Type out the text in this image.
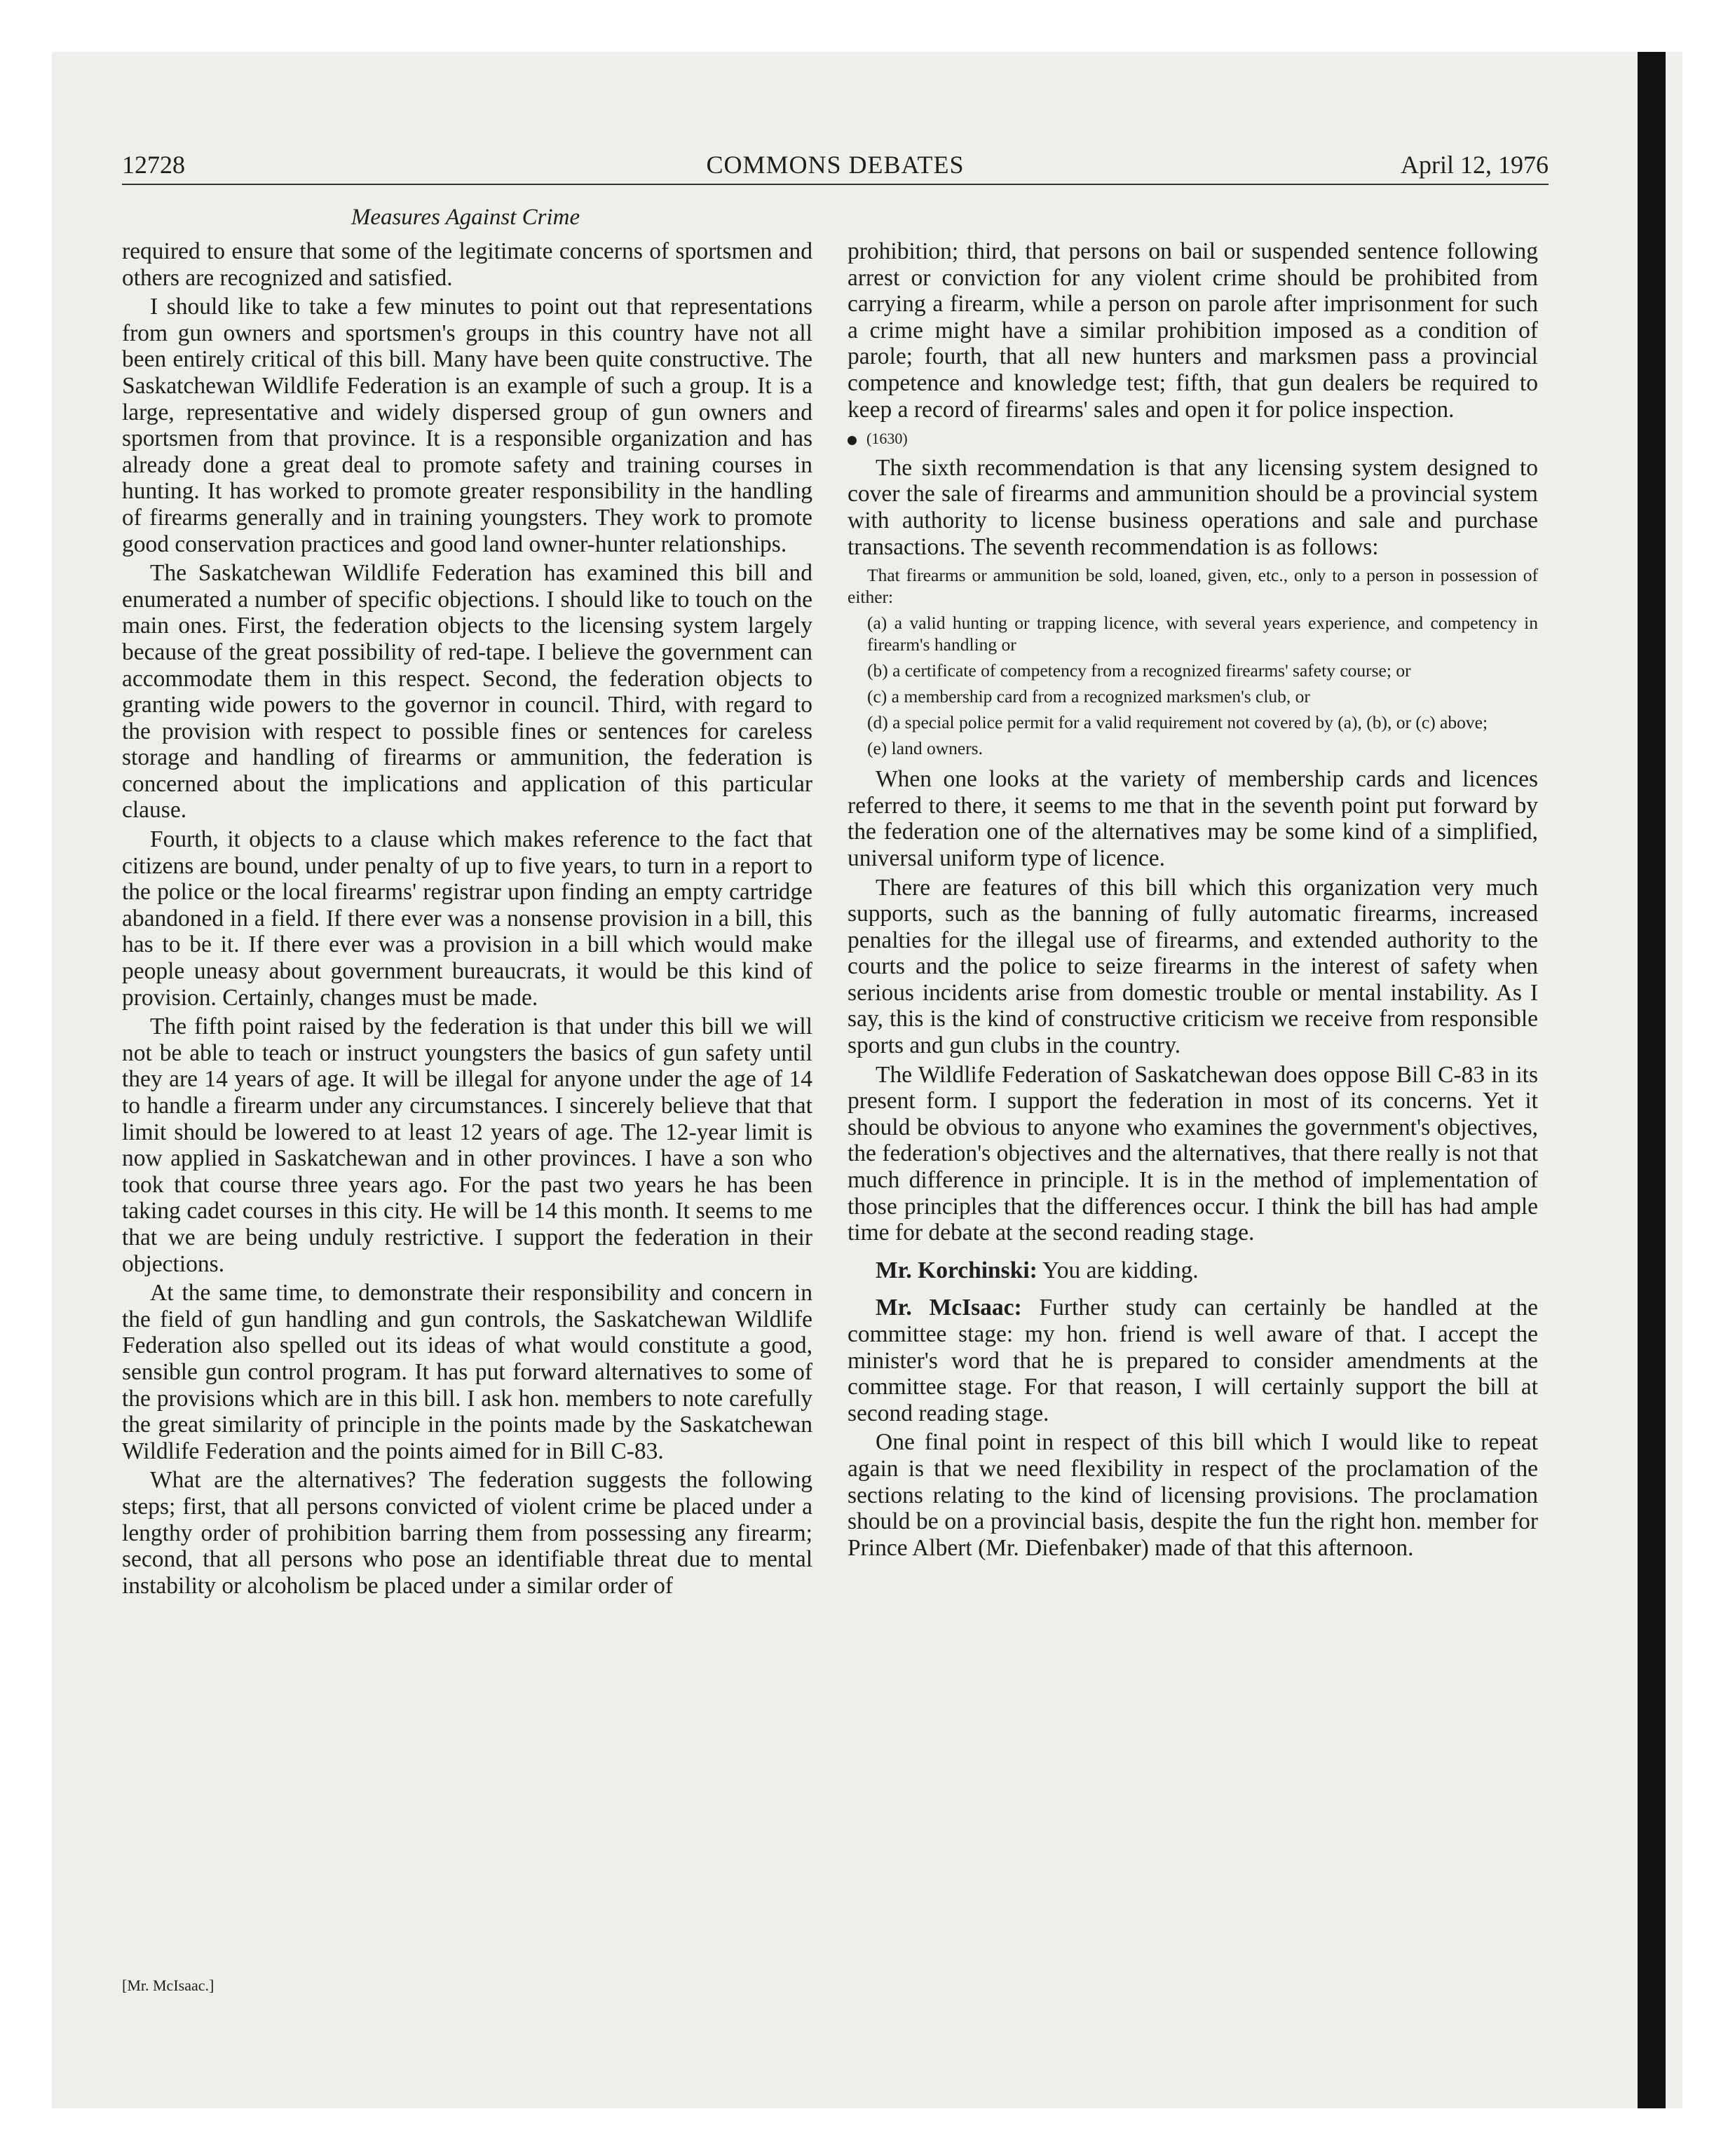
12728	COMMONS DEBATES	April 12, 1976
Measures Against Crime

required to ensure that some of the legitimate concerns of sportsmen and others are recognized and satisfied.

I should like to take a few minutes to point out that representations from gun owners and sportsmen's groups in this country have not all been entirely critical of this bill. Many have been quite constructive. The Saskatchewan Wildlife Federation is an example of such a group. It is a large, representative and widely dispersed group of gun owners and sportsmen from that province. It is a responsible organization and has already done a great deal to promote safety and training courses in hunting. It has worked to promote greater responsibility in the handling of firearms generally and in training youngsters. They work to promote good conservation practices and good land owner-hunter relationships.

The Saskatchewan Wildlife Federation has examined this bill and enumerated a number of specific objections. I should like to touch on the main ones. First, the federation objects to the licensing system largely because of the great possibility of red-tape. I believe the government can accommodate them in this respect. Second, the federation objects to granting wide powers to the governor in council. Third, with regard to the provision with respect to possible fines or sentences for careless storage and handling of firearms or ammunition, the federation is concerned about the implications and application of this particular clause.

Fourth, it objects to a clause which makes reference to the fact that citizens are bound, under penalty of up to five years, to turn in a report to the police or the local firearms' registrar upon finding an empty cartridge abandoned in a field. If there ever was a nonsense provision in a bill, this has to be it. If there ever was a provision in a bill which would make people uneasy about government bureaucrats, it would be this kind of provision. Certainly, changes must be made.

The fifth point raised by the federation is that under this bill we will not be able to teach or instruct youngsters the basics of gun safety until they are 14 years of age. It will be illegal for anyone under the age of 14 to handle a firearm under any circumstances. I sincerely believe that that limit should be lowered to at least 12 years of age. The 12-year limit is now applied in Saskatchewan and in other provinces. I have a son who took that course three years ago. For the past two years he has been taking cadet courses in this city. He will be 14 this month. It seems to me that we are being unduly restrictive. I support the federation in their objections.

At the same time, to demonstrate their responsibility and concern in the field of gun handling and gun controls, the Saskatchewan Wildlife Federation also spelled out its ideas of what would constitute a good, sensible gun control program. It has put forward alternatives to some of the provisions which are in this bill. I ask hon. members to note carefully the great similarity of principle in the points made by the Saskatchewan Wildlife Federation and the points aimed for in Bill C-83.

What are the alternatives? The federation suggests the following steps; first, that all persons convicted of violent crime be placed under a lengthy order of prohibition barring them from possessing any firearm; second, that all persons who pose an identifiable threat due to mental instability or alcoholism be placed under a similar order of

[Mr. McIsaac.]

prohibition; third, that persons on bail or suspended sentence following arrest or conviction for any violent crime should be prohibited from carrying a firearm, while a person on parole after imprisonment for such a crime might have a similar prohibition imposed as a condition of parole; fourth, that all new hunters and marksmen pass a provincial competence and knowledge test; fifth, that gun dealers be required to keep a record of firearms' sales and open it for police inspection.

(1630)

The sixth recommendation is that any licensing system designed to cover the sale of firearms and ammunition should be a provincial system with authority to license business operations and sale and purchase transactions. The seventh recommendation is as follows:

That firearms or ammunition be sold, loaned, given, etc., only to a person in possession of either:

(a) a valid hunting or trapping licence, with several years experience, and competency in firearm's handling or

(b) a certificate of competency from a recognized firearms' safety course; or

(c) a membership card from a recognized marksmen's club, or

(d) a special police permit for a valid requirement not covered by (a), (b), or (c) above;

(e) land owners.

When one looks at the variety of membership cards and licences referred to there, it seems to me that in the seventh point put forward by the federation one of the alternatives may be some kind of a simplified, universal uniform type of licence.

There are features of this bill which this organization very much supports, such as the banning of fully automatic firearms, increased penalties for the illegal use of firearms, and extended authority to the courts and the police to seize firearms in the interest of safety when serious incidents arise from domestic trouble or mental instability. As I say, this is the kind of constructive criticism we receive from responsible sports and gun clubs in the country.

The Wildlife Federation of Saskatchewan does oppose Bill C-83 in its present form. I support the federation in most of its concerns. Yet it should be obvious to anyone who examines the government's objectives, the federation's objectives and the alternatives, that there really is not that much difference in principle. It is in the method of implementation of those principles that the differences occur. I think the bill has had ample time for debate at the second reading stage.

Mr. Korchinski: You are kidding.

Mr. McIsaac: Further study can certainly be handled at the committee stage: my hon. friend is well aware of that. I accept the minister's word that he is prepared to consider amendments at the committee stage. For that reason, I will certainly support the bill at second reading stage.

One final point in respect of this bill which I would like to repeat again is that we need flexibility in respect of the proclamation of the sections relating to the kind of licensing provisions. The proclamation should be on a provincial basis, despite the fun the right hon. member for Prince Albert (Mr. Diefenbaker) made of that this afternoon.
